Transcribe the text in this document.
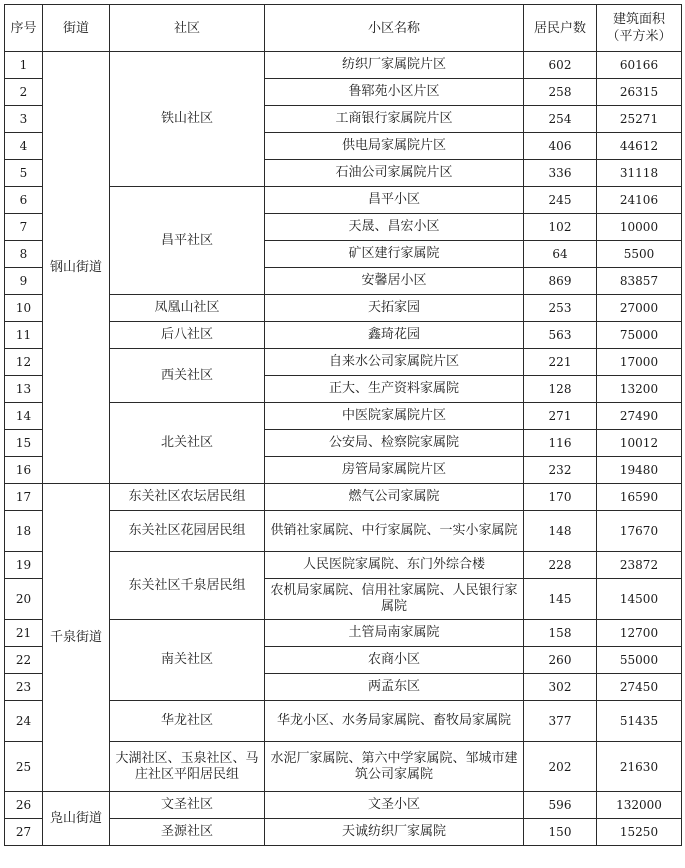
序号	街道	社区	小区名称	居民户数	建筑面积
（平方米）

1	钢山街道	铁山社区	纺织厂家属院片区	602	60166
2			鲁郓苑小区片区	258	26315
3			工商银行家属院片区	254	25271
4			供电局家属院片区	406	44612
5			石油公司家属院片区	336	31118
6		昌平社区	昌平小区	245	24106
7			天晟、昌宏小区	102	10000
8			矿区建行家属院	64	5500
9			安馨居小区	869	83857
10		凤凰山社区	天拓家园	253	27000
11		后八社区	鑫琦花园	563	75000
12		西关社区	自来水公司家属院片区	221	17000
13			正大、生产资料家属院	128	13200
14		北关社区	中医院家属院片区	271	27490
15			公安局、检察院家属院	116	10012
16			房管局家属院片区	232	19480
17	千泉街道	东关社区农坛居民组	燃气公司家属院	170	16590
18		东关社区花园居民组	供销社家属院、中行家属院、一实小家属院	148	17670
19		东关社区千泉居民组	人民医院家属院、东门外综合楼	228	23872
20			农机局家属院、信用社家属院、人民银行家属院	145	14500
21		南关社区	土管局南家属院	158	12700
22			农商小区	260	55000
23			两孟东区	302	27450
24		华龙社区	华龙小区、水务局家属院、畜牧局家属院	377	51435
25		大湖社区、玉泉社区、马庄社区平阳居民组	水泥厂家属院、第六中学家属院、邹城市建筑公司家属院	202	21630
26	凫山街道	文圣社区	文圣小区	596	132000
27		圣源社区	天诚纺织厂家属院	150	15250
